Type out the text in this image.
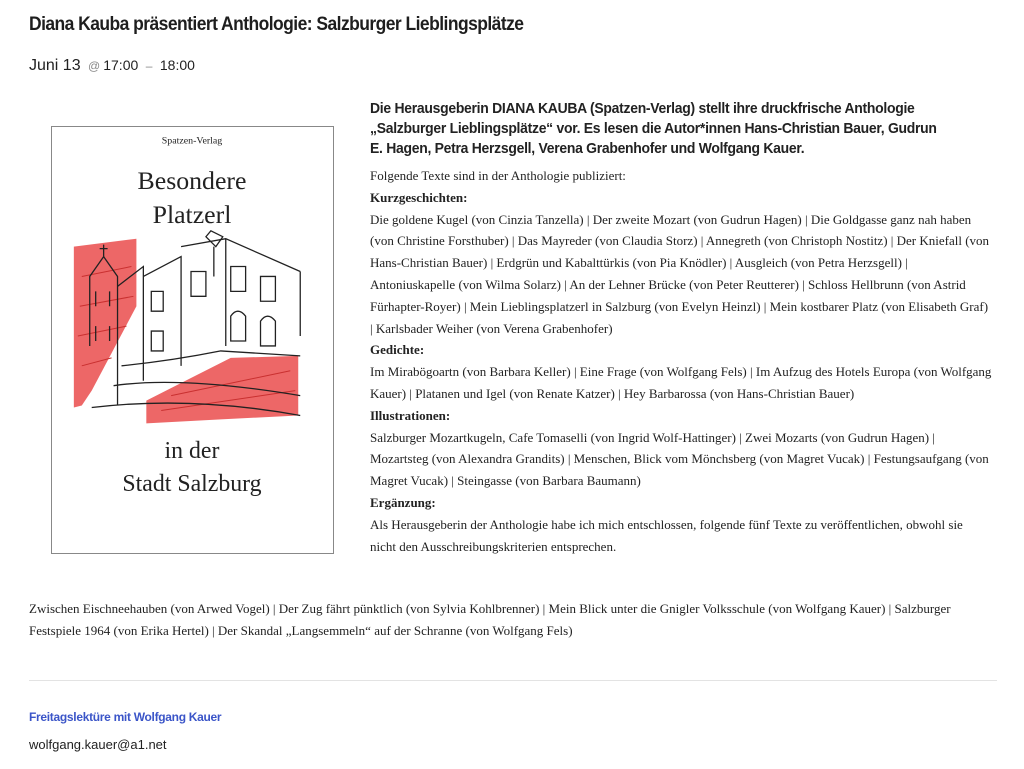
Diana Kauba präsentiert Anthologie: Salzburger Lieblingsplätze
Juni 13 @ 17:00 – 18:00
Spatzen-Verlag
Besondere
Platzerl
in der
Stadt Salzburg

Die Herausgeberin DIANA KAUBA (Spatzen-Verlag) stellt ihre druckfrische Anthologie „Salzburger Lieblingsplätze“ vor. Es lesen die Autor*innen Hans-Christian Bauer, Gudrun E. Hagen, Petra Herzsgell, Verena Grabenhofer und Wolfgang Kauer.

Folgende Texte sind in der Anthologie publiziert:

Kurzgeschichten:

Die goldene Kugel (von Cinzia Tanzella) | Der zweite Mozart (von Gudrun Hagen) | Die Goldgasse ganz nah haben (von Christine Forsthuber) | Das Mayreder (von Claudia Storz) | Annegreth (von Christoph Nostitz) | Der Kniefall (von Hans-Christian Bauer) | Erdgrün und Kabalttürkis (von Pia Knödler) | Ausgleich (von Petra Herzsgell) | Antoniuskapelle (von Wilma Solarz) | An der Lehner Brücke (von Peter Reutterer) | Schloss Hellbrunn (von Astrid Fürhapter-Royer) | Mein Lieblingsplatzerl in Salzburg (von Evelyn Heinzl) | Mein kostbarer Platz (von Elisabeth Graf) | Karlsbader Weiher (von Verena Grabenhofer)

Gedichte:

Im Mirabögoartn (von Barbara Keller) | Eine Frage (von Wolfgang Fels) | Im Aufzug des Hotels Europa (von Wolfgang Kauer) | Platanen und Igel (von Renate Katzer) | Hey Barbarossa (von Hans-Christian Bauer)

Illustrationen:

Salzburger Mozartkugeln, Cafe Tomaselli (von Ingrid Wolf-Hattinger) | Zwei Mozarts (von Gudrun Hagen) | Mozartsteg (von Alexandra Grandits) | Menschen, Blick vom Mönchsberg (von Magret Vucak) | Festungsaufgang (von Magret Vucak) | Steingasse (von Barbara Baumann)

Ergänzung:

Als Herausgeberin der Anthologie habe ich mich entschlossen, folgende fünf Texte zu veröffentlichen, obwohl sie nicht den Ausschreibungskriterien entsprechen.

Zwischen Eischneehauben (von Arwed Vogel) | Der Zug fährt pünktlich (von Sylvia Kohlbrenner) | Mein Blick unter die Gnigler Volksschule (von Wolfgang Kauer) | Salzburger Festspiele 1964 (von Erika Hertel) | Der Skandal „Langsemmeln“ auf der Schranne (von Wolfgang Fels)

Freitagslektüre mit Wolfgang Kauer
wolfgang.kauer@a1.net
